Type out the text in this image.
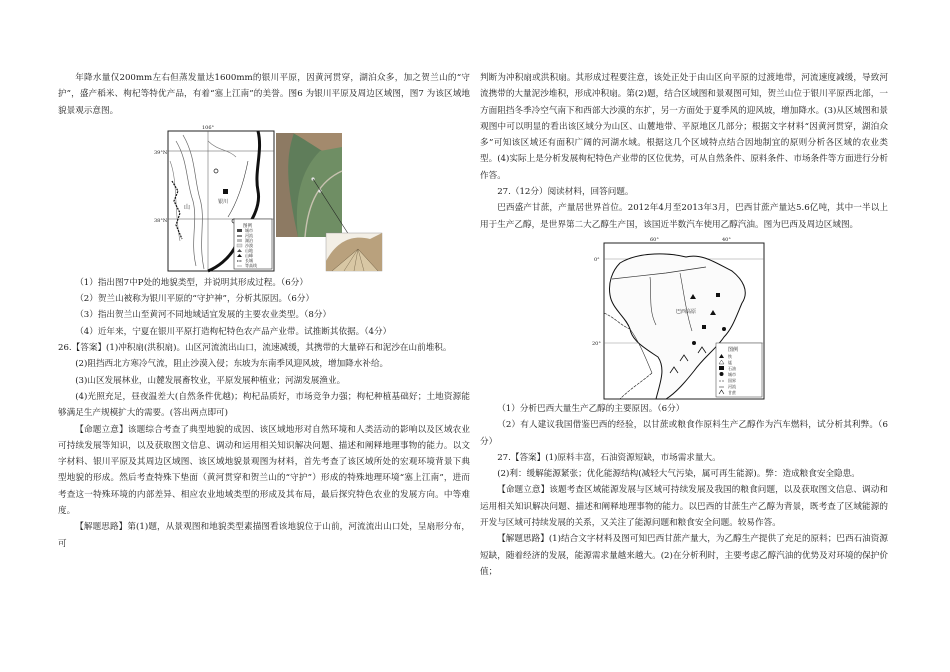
年降水量仅200mm左右但蒸发量达1600mm的银川平原，因黄河贯穿，湖泊众多，加之贺兰山的“守护”，盛产稻米、枸杞等特优产品，有着“塞上江南”的美誉。图6 为银川平原及周边区域图，图7 为该区域地貌景观示意图。

106°
39°N
38°N
银川
山
图例
城市
河流
湖泊
沙漠
山地
山峰
长城
等高线

（1）指出图7中P处的地貌类型，并说明其形成过程。（6分）

（2）贺兰山被称为银川平原的“守护神”，分析其原因。（6分）

（3）指出贺兰山至黄河不同地域适宜发展的主要农业类型。（8分）

（4）近年来，宁夏在银川平原打造枸杞特色农产品产业带。试推断其依据。（4分）

26.【答案】(1)冲积扇(洪积扇)。山区河流流出山口，流速减缓，其携带的大量碎石和泥沙在山前堆积。

(2)阻挡西北方寒冷气流，阻止沙漠入侵；东坡为东南季风迎风坡，增加降水补给。

(3)山区发展林业，山麓发展畜牧业，平原发展种植业；河湖发展渔业。

(4)光照充足，昼夜温差大(自然条件优越)；枸杞品质好，市场竞争力强；枸杞种植基础好；土地资源能够满足生产规模扩大的需要。(答出两点即可)

【命题立意】该题综合考查了典型地貌的成因、该区域地形对自然环境和人类活动的影响以及区域农业可持续发展等知识，以及获取图文信息、调动和运用相关知识解决问题、描述和阐释地理事物的能力。以文字材料、银川平原及其周边区域图、该区域地貌景观图为材料，首先考查了该区域所处的宏观环境背景下典型地貌的形成。然后考查特殊下垫面（黄河贯穿和贺兰山的“守护”）形成的特殊地理环境“塞上江南”，进而考查这一特殊环境的内部差异、相应农业地域类型的形成及其布局，最后探究特色农业的发展方向。中等难度。

【解题思路】第(1)题，从景观图和地貌类型素描图看该地貌位于山前，河流流出山口处，呈扇形分布，可

判断为冲积扇或洪积扇。其形成过程要注意，该处正处于由山区向平原的过渡地带，河流速度减缓，导致河流携带的大量泥沙堆积，形成冲积扇。第(2)题，结合区域图和景观图可知，贺兰山位于银川平原西北部，一方面阻挡冬季冷空气南下和西部大沙漠的东扩，另一方面处于夏季风的迎风坡，增加降水。(3)从区域图和景观图中可以明显的看出该区域分为山区、山麓地带、平原地区几部分；根据文字材料“因黄河贯穿，湖泊众多”可知该区域还有面积广阔的河湖水域。根据这几个区域特点结合因地制宜的原则分析各区域的农业类型。(4)实际上是分析发展枸杞特色产业带的区位优势，可从自然条件、原料条件、市场条件等方面进行分析作答。

27.（12分）阅读材料，回答问题。

巴西盛产甘蔗，产量居世界首位。2012年4月至2013年3月，巴西甘蔗产量达5.6亿吨，其中一半以上用于生产乙醇，是世界第二大乙醇生产国，该国近半数汽车使用乙醇汽油。图为巴西及周边区域图。

60°	40°
0°
20°
巴西高原
图例
铁
锰
石油
城市
国界
河流
甘蔗

（1）分析巴西大量生产乙醇的主要原因。（6分）

（2）有人建议我国借鉴巴西的经验，以甘蔗或粮食作原料生产乙醇作为汽车燃料，试分析其利弊。（6分）

27.【答案】(1)原料丰富，石油资源短缺，市场需求量大。

(2)利：缓解能源紧张；优化能源结构(减轻大气污染，属可再生能源)。弊：造成粮食安全隐患。

【命题立意】该题考查区域能源发展与区域可持续发展及我国的粮食问题，以及获取图文信息、调动和运用相关知识解决问题、描述和阐释地理事物的能力。以巴西的甘蔗生产乙醇为背景，既考查了区域能源的开发与区域可持续发展的关系，又关注了能源问题和粮食安全问题。较易作答。

【解题思路】(1)结合文字材料及图可知巴西甘蔗产量大，为乙醇生产提供了充足的原料；巴西石油资源短缺，随着经济的发展，能源需求量越来越大。(2)在分析利时，主要考虑乙醇汽油的优势及对环境的保护价值；
